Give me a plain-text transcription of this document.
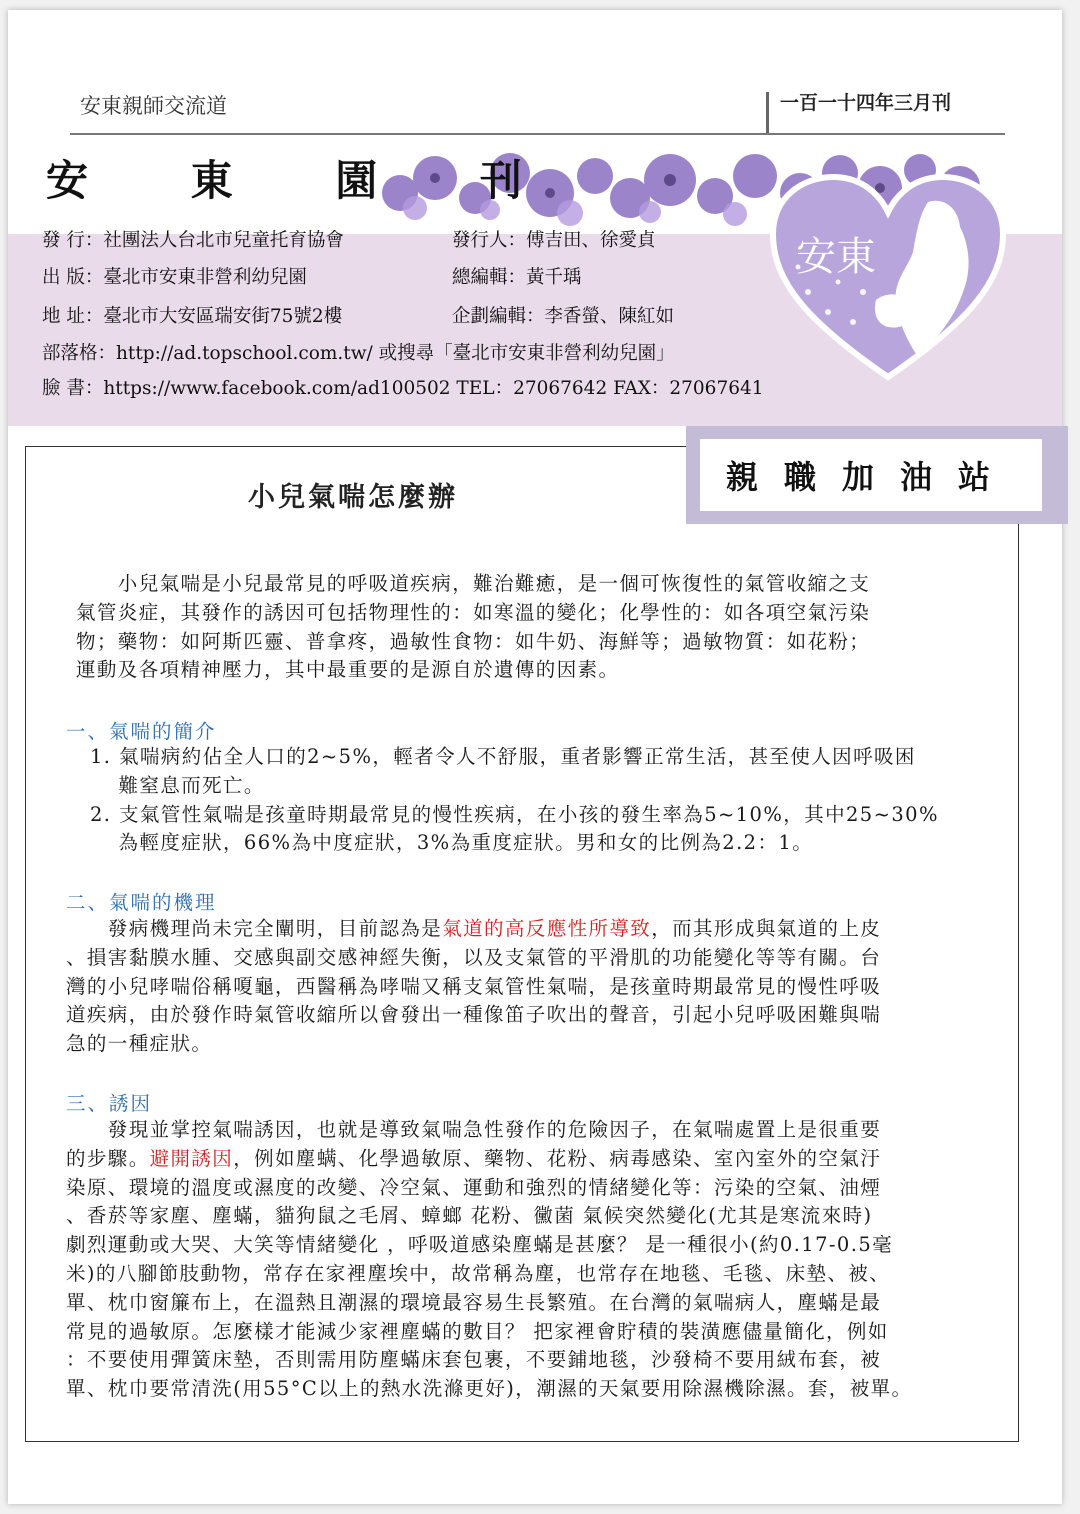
安東親師交流道	一百一十四年三月刊
安 東 園 刊
發 行：社團法人台北市兒童托育協會	發行人：傅吉田、徐愛貞
出 版：臺北市安東非營利幼兒園	總編輯：黃千瑀
地 址：臺北市大安區瑞安街75號2樓	企劃編輯：李香螢、陳紅如
部落格：http://ad.topschool.com.tw/ 或搜尋「臺北市安東非營利幼兒園」
臉 書：https://www.facebook.com/ad100502 TEL：27067642 FAX：27067641
安東
親職加油站
小兒氣喘怎麼辦
　　小兒氣喘是小兒最常見的呼吸道疾病，難治難癒，是一個可恢復性的氣管收縮之支
氣管炎症，其發作的誘因可包括物理性的：如寒溫的變化；化學性的：如各項空氣污染
物；藥物：如阿斯匹靈、普拿疼，過敏性食物：如牛奶、海鮮等；過敏物質：如花粉；
運動及各項精神壓力，其中最重要的是源自於遺傳的因素。
一、氣喘的簡介
1. 氣喘病約佔全人口的2~5%，輕者令人不舒服，重者影響正常生活，甚至使人因呼吸困
　 難窒息而死亡。
2. 支氣管性氣喘是孩童時期最常見的慢性疾病，在小孩的發生率為5~10%，其中25~30%
　 為輕度症狀，66%為中度症狀，3%為重度症狀。男和女的比例為2.2：1。
二、氣喘的機理
　　發病機理尚未完全闡明，目前認為是氣道的高反應性所導致，而其形成與氣道的上皮
、損害黏膜水腫、交感與副交感神經失衡，以及支氣管的平滑肌的功能變化等等有關。台
灣的小兒哮喘俗稱嗄龜，西醫稱為哮喘又稱支氣管性氣喘，是孩童時期最常見的慢性呼吸
道疾病，由於發作時氣管收縮所以會發出一種像笛子吹出的聲音，引起小兒呼吸困難與喘
急的一種症狀。
三、誘因
　　發現並掌控氣喘誘因，也就是導致氣喘急性發作的危險因子，在氣喘處置上是很重要
的步驟。避開誘因，例如塵螨、化學過敏原、藥物、花粉、病毒感染、室內室外的空氣汙
染原、環境的溫度或濕度的改變、冷空氣、運動和強烈的情緒變化等：污染的空氣、油煙
、香菸等家塵、塵蟎，貓狗鼠之毛屑、蟑螂 花粉、黴菌 氣候突然變化(尤其是寒流來時)
劇烈運動或大哭、大笑等情緒變化 ，呼吸道感染塵蟎是甚麼？ 是一種很小(約0.17-0.5毫
米)的八腳節肢動物，常存在家裡塵埃中，故常稱為塵，也常存在地毯、毛毯、床墊、被、
單、枕巾窗簾布上，在溫熱且潮濕的環境最容易生長繁殖。在台灣的氣喘病人，塵蟎是最
常見的過敏原。怎麼樣才能減少家裡塵蟎的數目？ 把家裡會貯積的裝潢應儘量簡化，例如
：不要使用彈簧床墊，否則需用防塵蟎床套包裹，不要鋪地毯，沙發椅不要用絨布套，被
單、枕巾要常清洗(用55°C以上的熱水洗滌更好)，潮濕的天氣要用除濕機除濕。套，被單。
